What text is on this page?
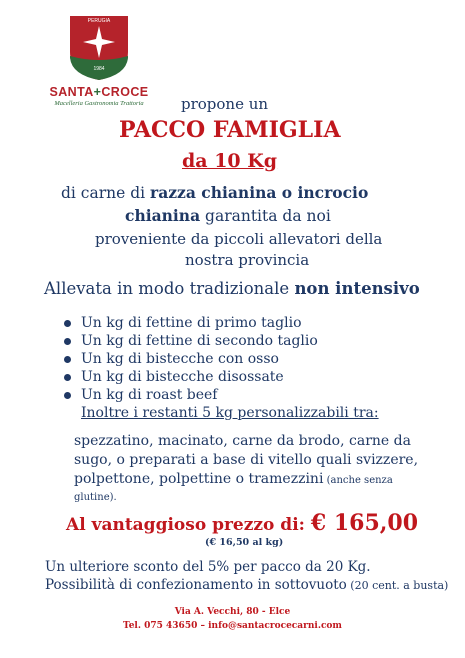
PERUGIA
1984
SANTA+CROCE
Macelleria Gastronomia Trattoria	propone un
PACCO FAMIGLIA
da 10 Kg
di carne di razza chianina o incrocio
chianina garantita da noi
proveniente da piccoli allevatori della
nostra provincia
Allevata in modo tradizionale non intensivo
Un kg di fettine di primo taglio
Un kg di fettine di secondo taglio
Un kg di bistecche con osso
Un kg di bistecche disossate
Un kg di roast beef
Inoltre i restanti 5 kg personalizzabili tra:
spezzatino, macinato, carne da brodo, carne da
sugo, o preparati a base di vitello quali svizzere,
polpettone, polpettine o tramezzini (anche senza
glutine).
Al vantaggioso prezzo di: € 165,00
(€ 16,50 al kg)
Un ulteriore sconto del 5% per pacco da 20 Kg.
Possibilità di confezionamento in sottovuoto (20 cent. a busta)
Via A. Vecchi, 80 - Elce
Tel. 075 43650 – info@santacrocecarni.com
